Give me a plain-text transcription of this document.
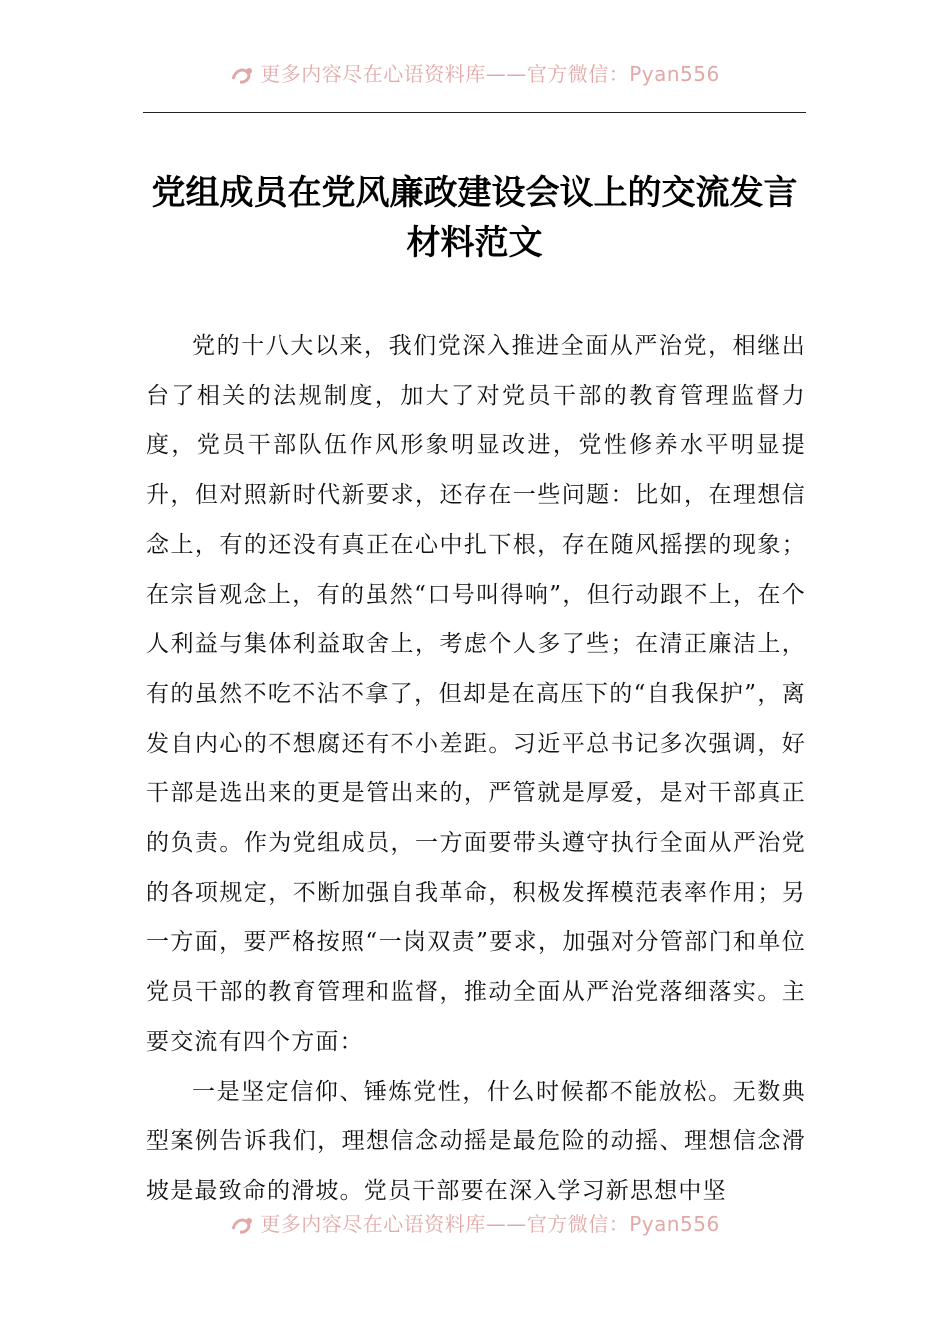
更多内容尽在心语资料库——官方微信：Pyan556
党组成员在党风廉政建设会议上的交流发言材料范文

党的十八大以来，我们党深入推进全面从严治党，相继出台了相关的法规制度，加大了对党员干部的教育管理监督力度，党员干部队伍作风形象明显改进，党性修养水平明显提升，但对照新时代新要求，还存在一些问题：比如，在理想信念上，有的还没有真正在心中扎下根，存在随风摇摆的现象；在宗旨观念上，有的虽然“口号叫得响”，但行动跟不上，在个人利益与集体利益取舍上，考虑个人多了些；在清正廉洁上，有的虽然不吃不沾不拿了，但却是在高压下的“自我保护”，离发自内心的不想腐还有不小差距。习近平总书记多次强调，好干部是选出来的更是管出来的，严管就是厚爱，是对干部真正的负责。作为党组成员，一方面要带头遵守执行全面从严治党的各项规定，不断加强自我革命，积极发挥模范表率作用；另一方面，要严格按照“一岗双责”要求，加强对分管部门和单位党员干部的教育管理和监督，推动全面从严治党落细落实。主要交流有四个方面：

一是坚定信仰、锤炼党性，什么时候都不能放松。无数典型案例告诉我们，理想信念动摇是最危险的动摇、理想信念滑坡是最致命的滑坡。党员干部要在深入学习新思想中坚

更多内容尽在心语资料库——官方微信：Pyan556
